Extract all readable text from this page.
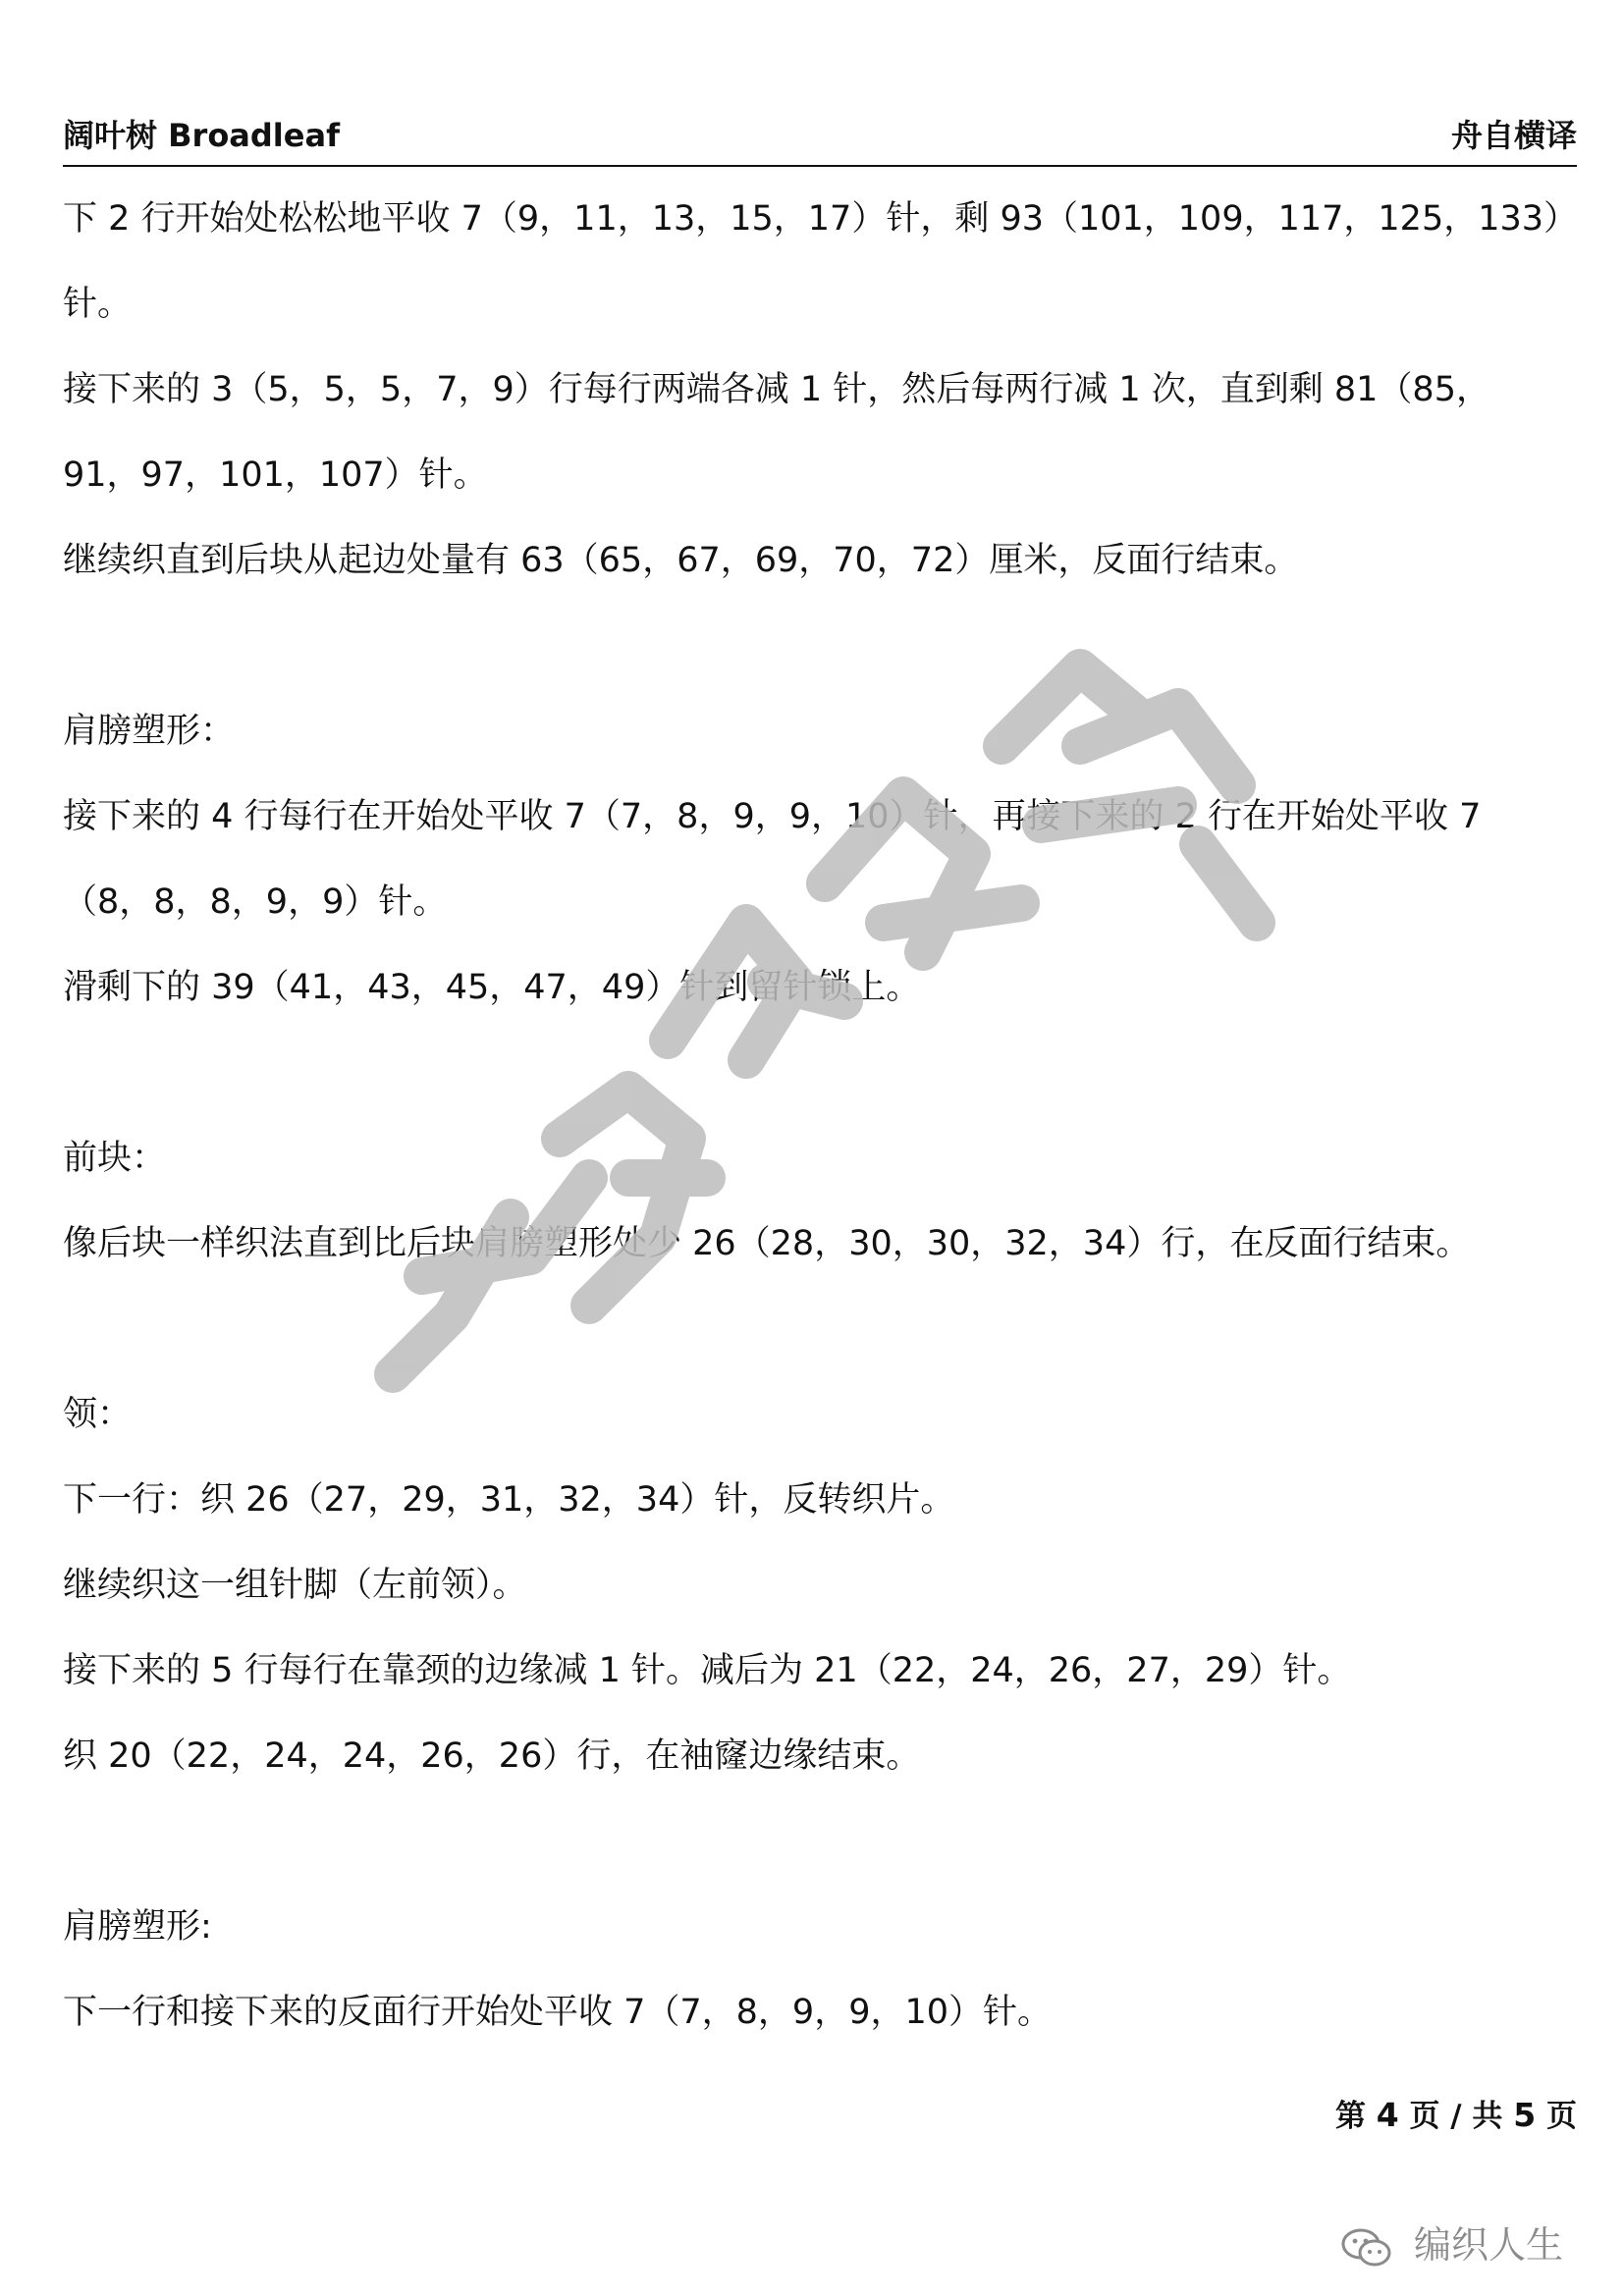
阔叶树 Broadleaf	舟自横译
下 2 行开始处松松地平收 7（9，11，13，15，17）针，剩 93（101，109，117，125，133）
针。
接下来的 3（5，5，5，7，9）行每行两端各减 1 针，然后每两行减 1 次，直到剩 81（85，
91，97，101，107）针。
继续织直到后块从起边处量有 63（65，67，69，70，72）厘米，反面行结束。
肩膀塑形：
接下来的 4 行每行在开始处平收 7（7，8，9，9，10）针，再接下来的 2 行在开始处平收 7
（8，8，8，9，9）针。
滑剩下的 39（41，43，45，47，49）针到留针锁上。
前块：
像后块一样织法直到比后块肩膀塑形处少 26（28，30，30，32，34）行，在反面行结束。
领：
下一行：织 26（27，29，31，32，34）针，反转织片。
继续织这一组针脚（左前领）。
接下来的 5 行每行在靠颈的边缘减 1 针。减后为 21（22，24，26，27，29）针。
织 20（22，24，24，26，26）行，在袖窿边缘结束。
肩膀塑形:
下一行和接下来的反面行开始处平收 7（7，8，9，9，10）针。
第 4 页 / 共 5 页
编织人生
